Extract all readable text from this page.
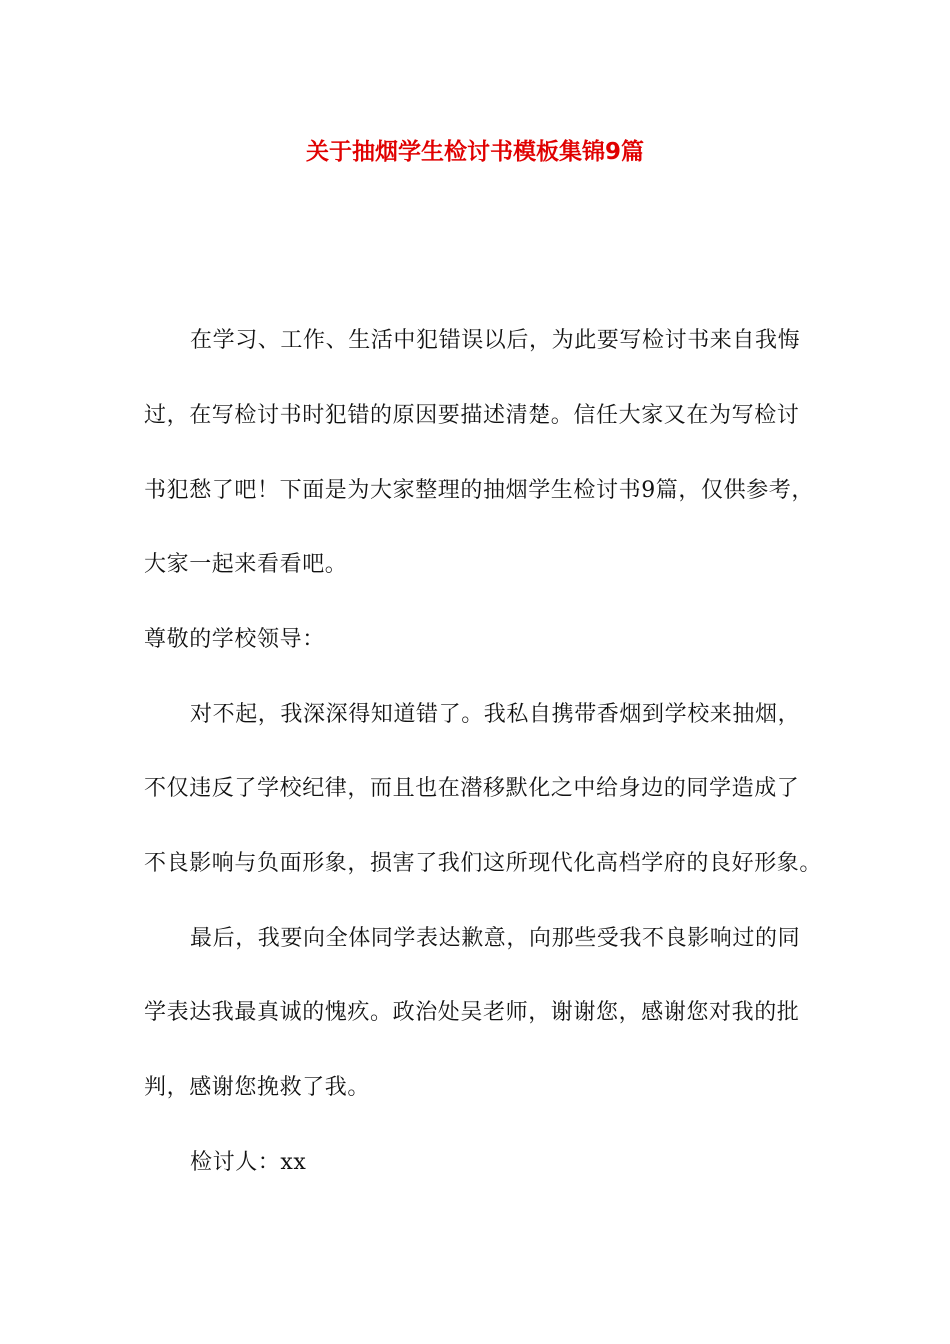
关于抽烟学生检讨书模板集锦9篇
在学习、工作、生活中犯错误以后，为此要写检讨书来自我悔
过，在写检讨书时犯错的原因要描述清楚。信任大家又在为写检讨
书犯愁了吧！下面是为大家整理的抽烟学生检讨书9篇，仅供参考，
大家一起来看看吧。
尊敬的学校领导：
对不起，我深深得知道错了。我私自携带香烟到学校来抽烟，
不仅违反了学校纪律，而且也在潜移默化之中给身边的同学造成了
不良影响与负面形象，损害了我们这所现代化高档学府的良好形象。
最后，我要向全体同学表达歉意，向那些受我不良影响过的同
学表达我最真诚的愧疚。政治处吴老师，谢谢您，感谢您对我的批
判，感谢您挽救了我。
检讨人：xx
